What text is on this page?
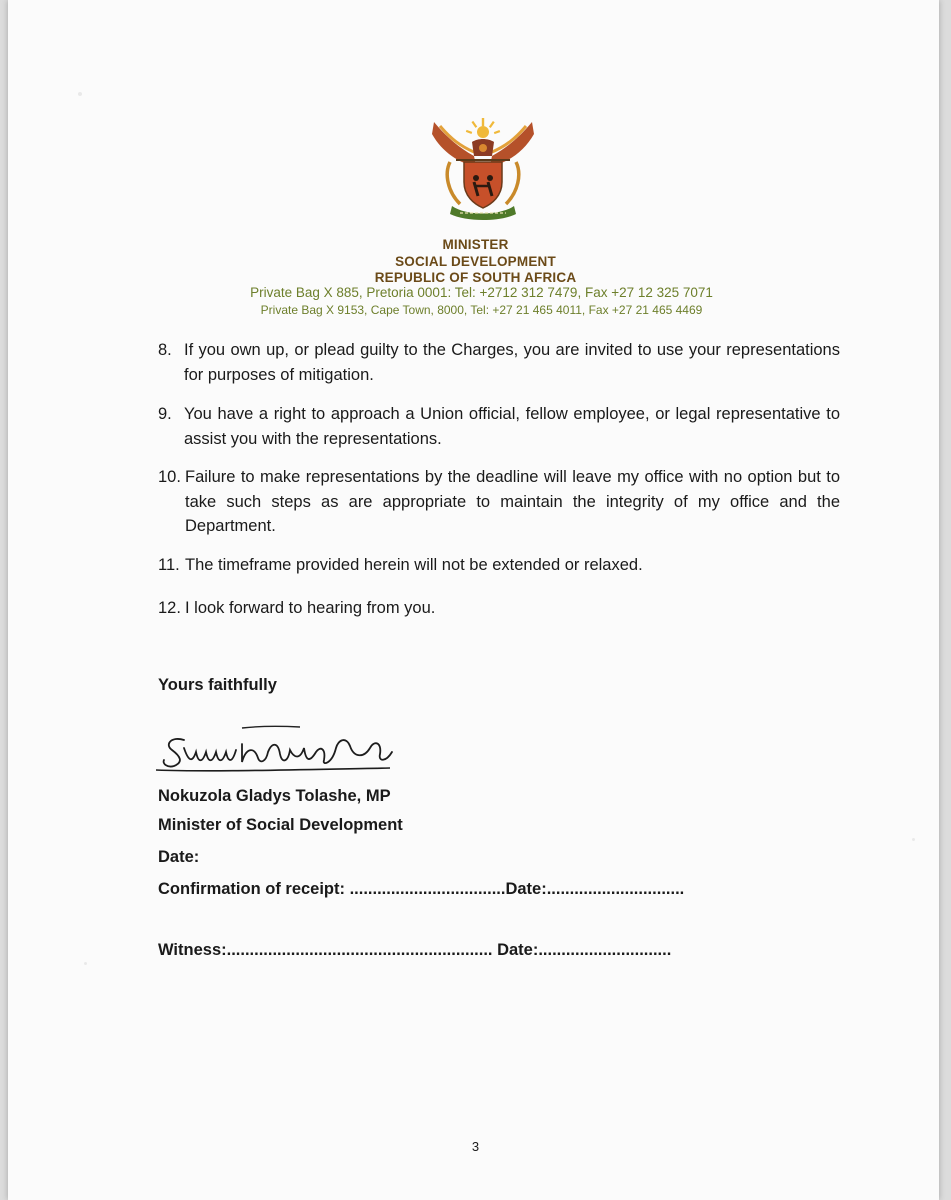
MINISTER
SOCIAL DEVELOPMENT
REPUBLIC OF SOUTH AFRICA
Private Bag X 885, Pretoria 0001: Tel: +2712 312 7479, Fax +27 12 325 7071
Private Bag X 9153, Cape Town, 8000, Tel: +27 21 465 4011, Fax +27 21 465 4469
8. If you own up, or plead guilty to the Charges, you are invited to use your representations for purposes of mitigation.
9. You have a right to approach a Union official, fellow employee, or legal representative to assist you with the representations.
10. Failure to make representations by the deadline will leave my office with no option but to take such steps as are appropriate to maintain the integrity of my office and the Department.
11. The timeframe provided herein will not be extended or relaxed.
12. I look forward to hearing from you.
Yours faithfully
Nokuzola Gladys Tolashe, MP
Minister of Social Development
Date:
Confirmation of receipt: ..................................Date:..............................
Witness:.......................................................... Date:.............................
3
